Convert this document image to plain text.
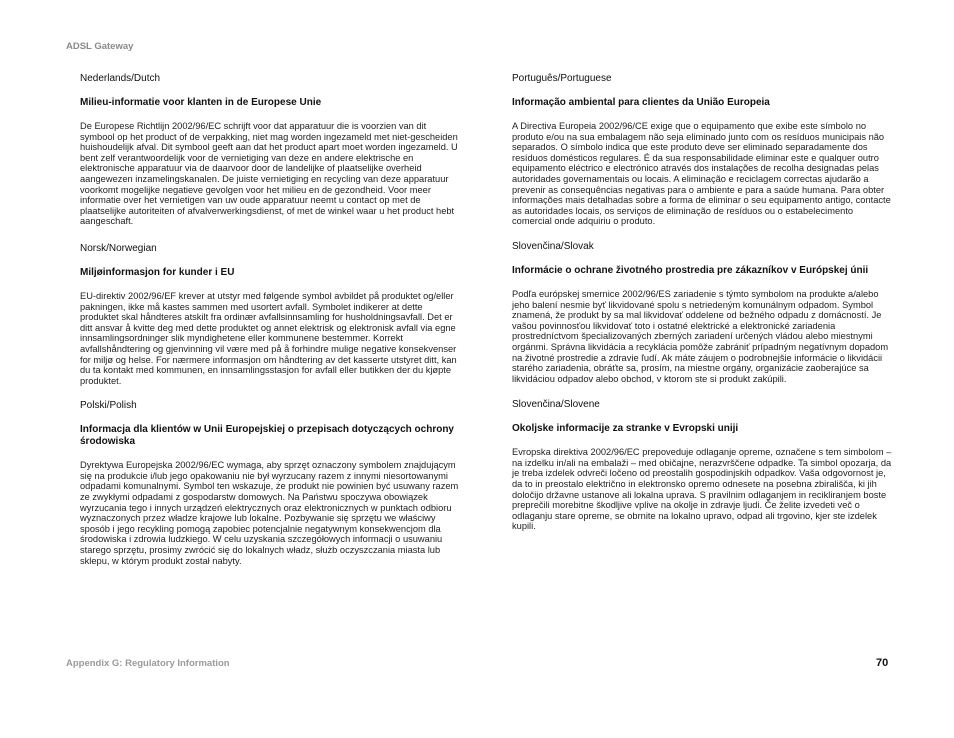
ADSL Gateway

Nederlands/Dutch

Milieu-informatie voor klanten in de Europese Unie

De Europese Richtlijn 2002/96/EC schrijft voor dat apparatuur die is voorzien van dit symbool op het product of de verpakking, niet mag worden ingezameld met niet-gescheiden huishoudelijk afval. Dit symbool geeft aan dat het product apart moet worden ingezameld. U bent zelf verantwoordelijk voor de vernietiging van deze en andere elektrische en elektronische apparatuur via de daarvoor door de landelijke of plaatselijke overheid aangewezen inzamelingskanalen. De juiste vernietiging en recycling van deze apparatuur voorkomt mogelijke negatieve gevolgen voor het milieu en de gezondheid. Voor meer informatie over het vernietigen van uw oude apparatuur neemt u contact op met de plaatselijke autoriteiten of afvalverwerkingsdienst, of met de winkel waar u het product hebt aangeschaft.

Norsk/Norwegian

Miljøinformasjon for kunder i EU

EU-direktiv 2002/96/EF krever at utstyr med følgende symbol avbildet på produktet og/eller pakningen, ikke må kastes sammen med usortert avfall. Symbolet indikerer at dette produktet skal håndteres atskilt fra ordinær avfallsinnsamling for husholdningsavfall. Det er ditt ansvar å kvitte deg med dette produktet og annet elektrisk og elektronisk avfall via egne innsamlingsordninger slik myndighetene eller kommunene bestemmer. Korrekt avfallshåndtering og gjenvinning vil være med på å forhindre mulige negative konsekvenser for miljø og helse. For nærmere informasjon om håndtering av det kasserte utstyret ditt, kan du ta kontakt med kommunen, en innsamlingsstasjon for avfall eller butikken der du kjøpte produktet.

Polski/Polish

Informacja dla klientów w Unii Europejskiej o przepisach dotyczących ochrony środowiska

Dyrektywa Europejska 2002/96/EC wymaga, aby sprzęt oznaczony symbolem znajdującym się na produkcie i/lub jego opakowaniu nie był wyrzucany razem z innymi niesortowanymi odpadami komunalnymi. Symbol ten wskazuje, że produkt nie powinien być usuwany razem ze zwykłymi odpadami z gospodarstw domowych. Na Państwu spoczywa obowiązek wyrzucania tego i innych urządzeń elektrycznych oraz elektronicznych w punktach odbioru wyznaczonych przez władze krajowe lub lokalne. Pozbywanie się sprzętu we właściwy sposób i jego recykling pomogą zapobiec potencjalnie negatywnym konsekwencjom dla środowiska i zdrowia ludzkiego. W celu uzyskania szczegółowych informacji o usuwaniu starego sprzętu, prosimy zwrócić się do lokalnych władz, służb oczyszczania miasta lub sklepu, w którym produkt został nabyty.

Português/Portuguese

Informação ambiental para clientes da União Europeia

A Directiva Europeia 2002/96/CE exige que o equipamento que exibe este símbolo no produto e/ou na sua embalagem não seja eliminado junto com os resíduos municipais não separados. O símbolo indica que este produto deve ser eliminado separadamente dos resíduos domésticos regulares. É da sua responsabilidade eliminar este e qualquer outro equipamento eléctrico e electrónico através dos instalações de recolha designadas pelas autoridades governamentais ou locais. A eliminação e reciclagem correctas ajudarão a prevenir as consequências negativas para o ambiente e para a saúde humana. Para obter informações mais detalhadas sobre a forma de eliminar o seu equipamento antigo, contacte as autoridades locais, os serviços de eliminação de resíduos ou o estabelecimento comercial onde adquiriu o produto.

Slovenčina/Slovak

Informácie o ochrane životného prostredia pre zákazníkov v Európskej únii

Podľa európskej smernice 2002/96/ES zariadenie s týmto symbolom na produkte a/alebo jeho balení nesmie byť likvidované spolu s netriedeným komunálnym odpadom. Symbol znamená, že produkt by sa mal likvidovať oddelene od bežného odpadu z domácností. Je vašou povinnosťou likvidovať toto i ostatné elektrické a elektronické zariadenia prostredníctvom špecializovaných zberných zariadení určených vládou alebo miestnymi orgánmi. Správna likvidácia a recyklácia pomôže zabrániť prípadným negatívnym dopadom na životné prostredie a zdravie ľudí. Ak máte záujem o podrobnejšie informácie o likvidácii starého zariadenia, obráťte sa, prosím, na miestne orgány, organizácie zaoberajúce sa likvidáciou odpadov alebo obchod, v ktorom ste si produkt zakúpili.

Slovenčina/Slovene

Okoljske informacije za stranke v Evropski uniji

Evropska direktiva 2002/96/EC prepoveduje odlaganje opreme, označene s tem simbolom – na izdelku in/ali na embalaži – med običajne, nerazvrščene odpadke. Ta simbol opozarja, da je treba izdelek odvreči ločeno od preostalih gospodinjskih odpadkov. Vaša odgovornost je, da to in preostalo električno in elektronsko opremo odnesete na posebna zbirališča, ki jih določijo državne ustanove ali lokalna uprava. S pravilnim odlaganjem in recikliranjem boste preprečili morebitne škodljive vplive na okolje in zdravje ljudi. Če želite izvedeti več o odlaganju stare opreme, se obrnite na lokalno upravo, odpad ali trgovino, kjer ste izdelek kupili.

Appendix G: Regulatory Information	70
